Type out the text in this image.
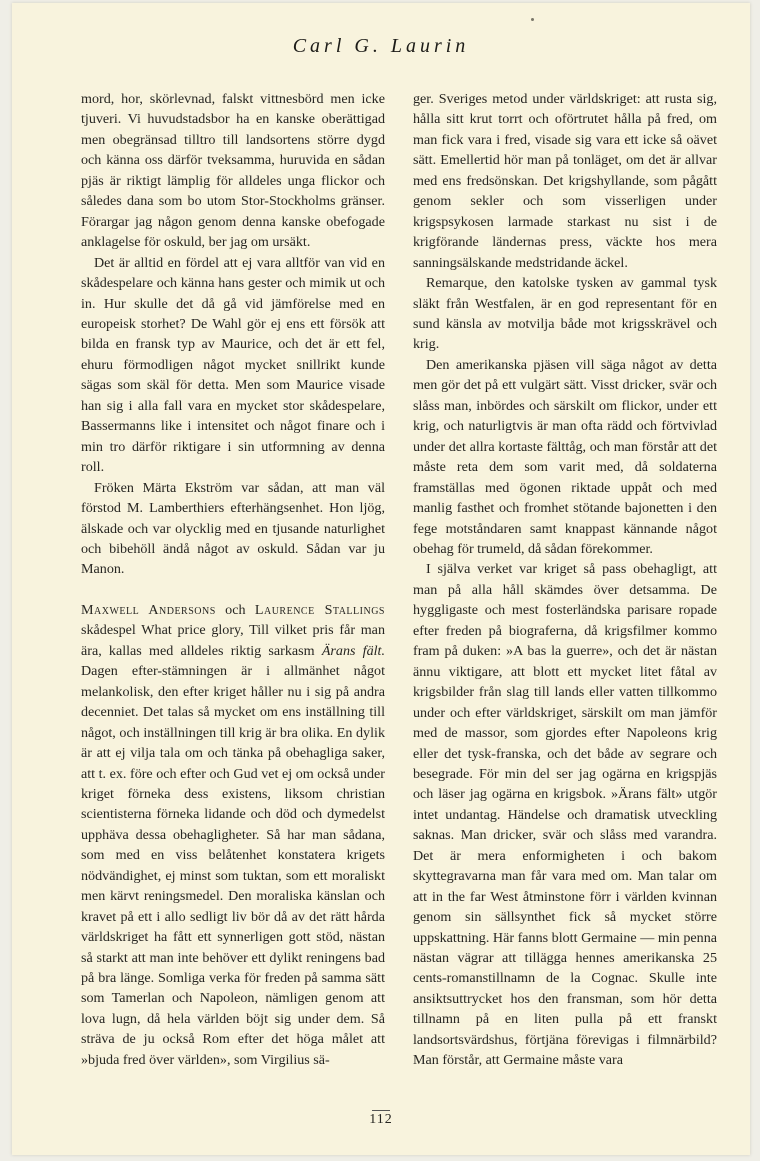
Carl G. Laurin

mord, hor, skörlevnad, falskt vittnesbörd men icke tjuveri. Vi huvudstadsbor ha en kanske oberättigad men obegränsad tilltro till landsortens större dygd och känna oss därför tveksamma, huruvida en sådan pjäs är riktigt lämplig för alldeles unga flickor och således dana som bo utom Stor-Stockholms gränser. Förargar jag någon genom denna kanske obefogade anklagelse för oskuld, ber jag om ursäkt.

Det är alltid en fördel att ej vara alltför van vid en skådespelare och känna hans gester och mimik ut och in. Hur skulle det då gå vid jämförelse med en europeisk storhet? De Wahl gör ej ens ett försök att bilda en fransk typ av Maurice, och det är ett fel, ehuru förmodligen något mycket snillrikt kunde sägas som skäl för detta. Men som Maurice visade han sig i alla fall vara en mycket stor skådespelare, Bassermanns like i intensitet och något finare och i min tro därför riktigare i sin utformning av denna roll.

Fröken Märta Ekström var sådan, att man väl förstod M. Lamberthiers efterhängsenhet. Hon ljög, älskade och var olycklig med en tjusande naturlighet och bibehöll ändå något av oskuld. Sådan var ju Manon.

Maxwell Andersons och Laurence Stallings skådespel What price glory, Till vilket pris får man ära, kallas med alldeles riktig sarkasm Ärans fält. Dagen efter-stämningen är i allmänhet något melankolisk, den efter kriget håller nu i sig på andra decenniet. Det talas så mycket om ens inställning till något, och inställningen till krig är bra olika. En dylik är att ej vilja tala om och tänka på obehagliga saker, att t. ex. före och efter och Gud vet ej om också under kriget förneka dess existens, liksom christian scientisterna förneka lidande och död och dymedelst upphäva dessa obehagligheter. Så har man sådana, som med en viss belåtenhet konstatera krigets nödvändighet, ej minst som tuktan, som ett moraliskt men kärvt reningsmedel. Den moraliska känslan och kravet på ett i allo sedligt liv bör då av det rätt hårda världskriget ha fått ett synnerligen gott stöd, nästan så starkt att man inte behöver ett dylikt reningens bad på bra länge. Somliga verka för freden på samma sätt som Tamerlan och Napoleon, nämligen genom att lova lugn, då hela världen böjt sig under dem. Så sträva de ju också Rom efter det höga målet att »bjuda fred över världen», som Virgilius sä-

ger. Sveriges metod under världskriget: att rusta sig, hålla sitt krut torrt och oförtrutet hålla på fred, om man fick vara i fred, visade sig vara ett icke så oävet sätt. Emellertid hör man på tonläget, om det är allvar med ens fredsönskan. Det krigshyllande, som pågått genom sekler och som visserligen under krigspsykosen larmade starkast nu sist i de krigförande ländernas press, väckte hos mera sanningsälskande medstridande äckel.

Remarque, den katolske tysken av gammal tysk släkt från Westfalen, är en god representant för en sund känsla av motvilja både mot krigsskrävel och krig.

Den amerikanska pjäsen vill säga något av detta men gör det på ett vulgärt sätt. Visst dricker, svär och slåss man, inbördes och särskilt om flickor, under ett krig, och naturligtvis är man ofta rädd och förtvivlad under det allra kortaste fälttåg, och man förstår att det måste reta dem som varit med, då soldaterna framställas med ögonen riktade uppåt och med manlig fasthet och fromhet stötande bajonetten i den fege motståndaren samt knappast kännande något obehag för trumeld, då sådan förekommer.

I själva verket var kriget så pass obehagligt, att man på alla håll skämdes över detsamma. De hyggligaste och mest fosterländska parisare ropade efter freden på biograferna, då krigsfilmer kommo fram på duken: »A bas la guerre», och det är nästan ännu viktigare, att blott ett mycket litet fåtal av krigsbilder från slag till lands eller vatten tillkommo under och efter världskriget, särskilt om man jämför med de massor, som gjordes efter Napoleons krig eller det tysk-franska, och det både av segrare och besegrade. För min del ser jag ogärna en krigspjäs och läser jag ogärna en krigsbok. »Ärans fält» utgör intet undantag. Händelse och dramatisk utveckling saknas. Man dricker, svär och slåss med varandra. Det är mera enformigheten i och bakom skyttegravarna man får vara med om. Man talar om att in the far West åtminstone förr i världen kvinnan genom sin sällsynthet fick så mycket större uppskattning. Här fanns blott Germaine — min penna nästan vägrar att tillägga hennes amerikanska 25 cents-romanstillnamn de la Cognac. Skulle inte ansiktsuttrycket hos den fransman, som hör detta tillnamn på en liten pulla på ett franskt landsortsvärdshus, förtjäna förevigas i filmnärbild? Man förstår, att Germaine måste vara

112
